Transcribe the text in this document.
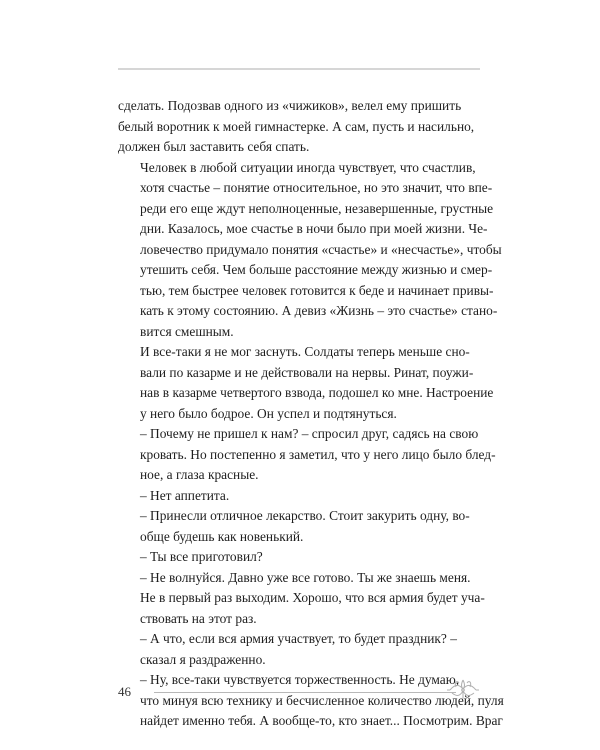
сделать. Подозвав одного из «чижиков», велел ему пришить
белый воротник к моей гимнастерке. А сам, пусть и насильно,
должен был заставить себя спать.

Человек в любой ситуации иногда чувствует, что счастлив,
хотя счастье – понятие относительное, но это значит, что впе-
реди его еще ждут неполноценные, незавершенные, грустные
дни. Казалось, мое счастье в ночи было при моей жизни. Че-
ловечество придумало понятия «счастье» и «несчастье», чтобы
утешить себя. Чем больше расстояние между жизнью и смер-
тью, тем быстрее человек готовится к беде и начинает привы-
кать к этому состоянию. А девиз «Жизнь – это счастье» стано-
вится смешным.

И все-таки я не мог заснуть. Солдаты теперь меньше сно-
вали по казарме и не действовали на нервы. Ринат, поужи-
нав в казарме четвертого взвода, подошел ко мне. Настроение
у него было бодрое. Он успел и подтянуться.

– Почему не пришел к нам? – спросил друг, садясь на свою
кровать. Но постепенно я заметил, что у него лицо было блед-
ное, а глаза красные.

– Нет аппетита.

– Принесли отличное лекарство. Стоит закурить одну, во-
обще будешь как новенький.

– Ты все приготовил?

– Не волнуйся. Давно уже все готово. Ты же знаешь меня.
Не в первый раз выходим. Хорошо, что вся армия будет уча-
ствовать на этот раз.

– А что, если вся армия участвует, то будет праздник? –
сказал я раздраженно.

– Ну, все-таки чувствуется торжественность. Не думаю,
что минуя всю технику и бесчисленное количество людей, пуля
найдет именно тебя. А вообще-то, кто знает... Посмотрим. Враг

46
